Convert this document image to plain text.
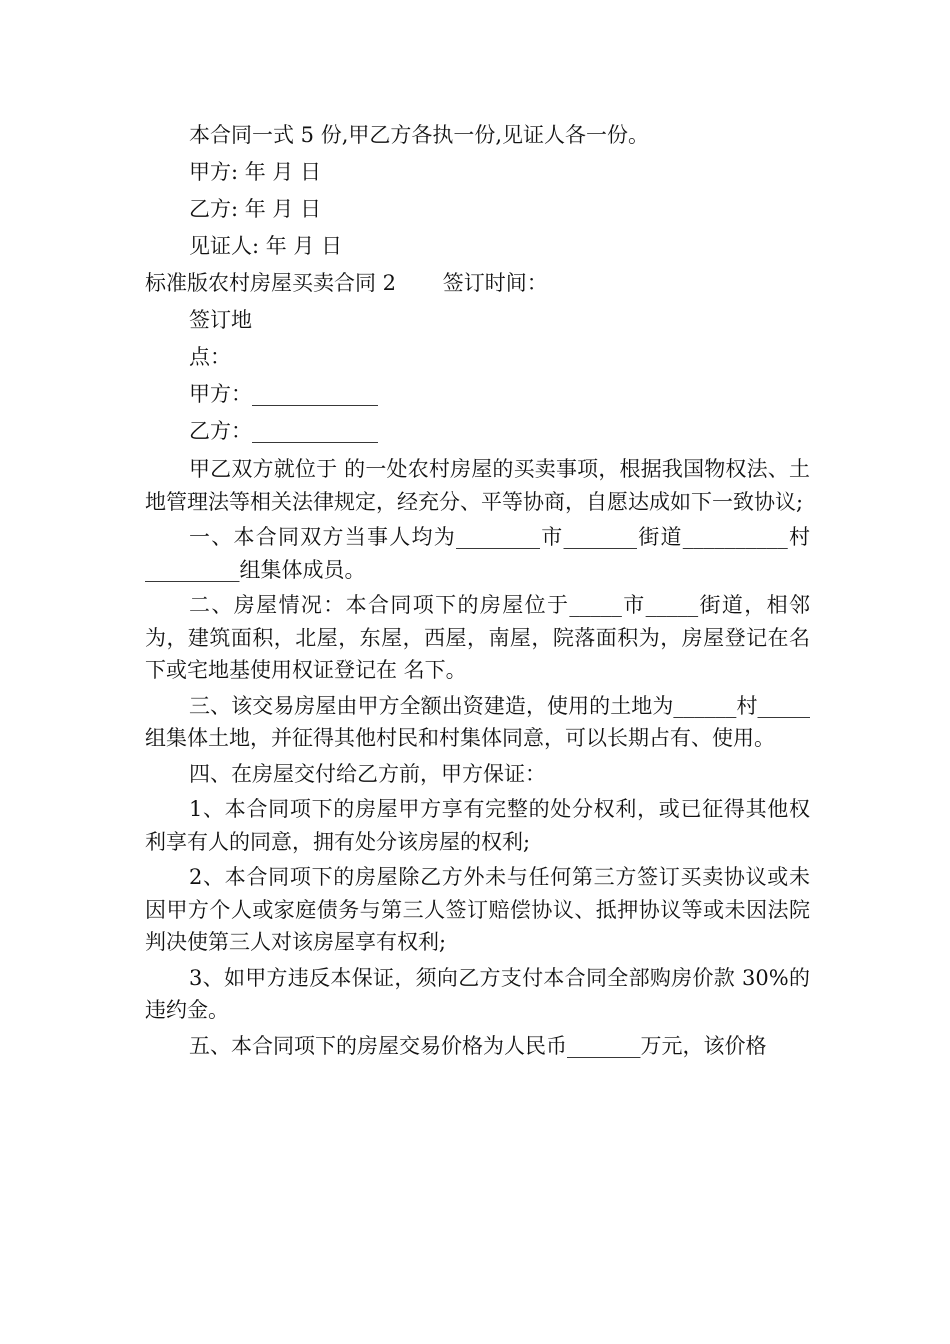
本合同一式 5 份,甲乙方各执一份,见证人各一份。
甲方: 年 月 日
乙方: 年 月 日
见证人: 年 月 日
标准版农村房屋买卖合同 2 签订时间：
签订地
点：
甲方：____________
乙方：____________

甲乙双方就位于 的一处农村房屋的买卖事项，根据我国物权法、土地管理法等相关法律规定，经充分、平等协商，自愿达成如下一致协议;

一、本合同双方当事人均为________市_______街道__________村_________组集体成员。

二、房屋情况：本合同项下的房屋位于_____市_____街道，相邻为，建筑面积，北屋，东屋，西屋，南屋，院落面积为，房屋登记在名下或宅地基使用权证登记在 名下。

三、该交易房屋由甲方全额出资建造，使用的土地为______村_____组集体土地，并征得其他村民和村集体同意，可以长期占有、使用。

四、在房屋交付给乙方前，甲方保证：

1、本合同项下的房屋甲方享有完整的处分权利，或已征得其他权利享有人的同意，拥有处分该房屋的权利;

2、本合同项下的房屋除乙方外未与任何第三方签订买卖协议或未因甲方个人或家庭债务与第三人签订赔偿协议、抵押协议等或未因法院判决使第三人对该房屋享有权利;

3、如甲方违反本保证，须向乙方支付本合同全部购房价款 30%的违约金。

五、本合同项下的房屋交易价格为人民币_______万元，该价格
